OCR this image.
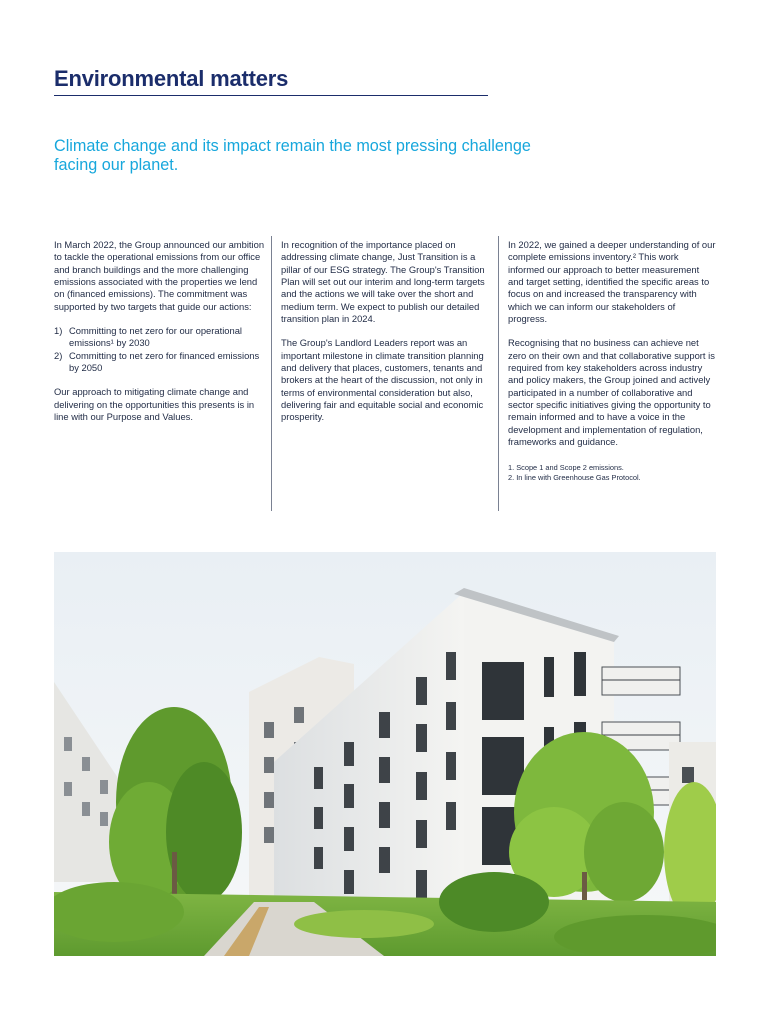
Environmental matters
Climate change and its impact remain the most pressing challenge facing our planet.

In March 2022, the Group announced our ambition to tackle the operational emissions from our office and branch buildings and the more challenging emissions associated with the properties we lend on (financed emissions). The commitment was supported by two targets that guide our actions:

1) Committing to net zero for our operational emissions¹ by 2030
2) Committing to net zero for financed emissions by 2050

Our approach to mitigating climate change and delivering on the opportunities this presents is in line with our Purpose and Values.

In recognition of the importance placed on addressing climate change, Just Transition is a pillar of our ESG strategy. The Group's Transition Plan will set out our interim and long-term targets and the actions we will take over the short and medium term. We expect to publish our detailed transition plan in 2024.

The Group's Landlord Leaders report was an important milestone in climate transition planning and delivery that places, customers, tenants and brokers at the heart of the discussion, not only in terms of environmental consideration but also, delivering fair and equitable social and economic prosperity.

In 2022, we gained a deeper understanding of our complete emissions inventory.² This work informed our approach to better measurement and target setting, identified the specific areas to focus on and increased the transparency with which we can inform our stakeholders of progress.

Recognising that no business can achieve net zero on their own and that collaborative support is required from key stakeholders across industry and policy makers, the Group joined and actively participated in a number of collaborative and sector specific initiatives giving the opportunity to remain informed and to have a voice in the development and implementation of regulation, frameworks and guidance.

1. Scope 1 and Scope 2 emissions.
2. In line with Greenhouse Gas Protocol.
